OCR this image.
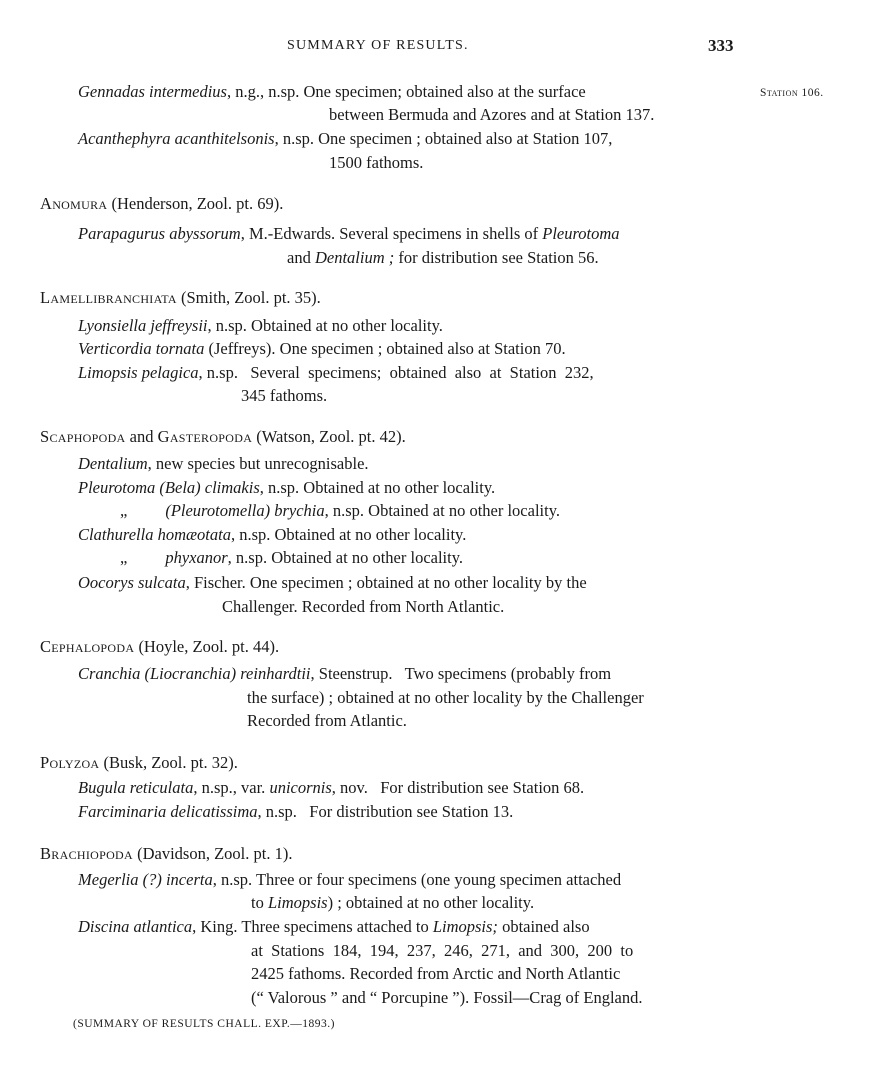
SUMMARY OF RESULTS.	333
Station 106.
Gennadas intermedius, n.g., n.sp. One specimen; obtained also at the surface
between Bermuda and Azores and at Station 137.
Acanthephyra acanthitelsonis, n.sp. One specimen ; obtained also at Station 107,
1500 fathoms.
Anomura (Henderson, Zool. pt. 69).
Parapagurus abyssorum, M.-Edwards. Several specimens in shells of Pleurotoma
and Dentalium ; for distribution see Station 56.
Lamellibranchiata (Smith, Zool. pt. 35).
Lyonsiella jeffreysii, n.sp. Obtained at no other locality.
Verticordia tornata (Jeffreys). One specimen ; obtained also at Station 70.
Limopsis pelagica, n.sp.   Several  specimens;  obtained  also  at  Station  232,
345 fathoms.
Scaphopoda and Gasteropoda (Watson, Zool. pt. 42).
Dentalium, new species but unrecognisable.
Pleurotoma (Bela) climakis, n.sp. Obtained at no other locality.
„ (Pleurotomella) brychia, n.sp. Obtained at no other locality.
Clathurella homæotata, n.sp. Obtained at no other locality.
„ phyxanor, n.sp. Obtained at no other locality.
Oocorys sulcata, Fischer. One specimen ; obtained at no other locality by the
Challenger. Recorded from North Atlantic.
Cephalopoda (Hoyle, Zool. pt. 44).
Cranchia (Liocranchia) reinhardtii, Steenstrup.   Two specimens (probably from
the surface) ; obtained at no other locality by the Challenger
Recorded from Atlantic.
Polyzoa (Busk, Zool. pt. 32).
Bugula reticulata, n.sp., var. unicornis, nov.   For distribution see Station 68.
Farciminaria delicatissima, n.sp.   For distribution see Station 13.
Brachiopoda (Davidson, Zool. pt. 1).
Megerlia (?) incerta, n.sp. Three or four specimens (one young specimen attached
to Limopsis) ; obtained at no other locality.
Discina atlantica, King. Three specimens attached to Limopsis; obtained also
at  Stations  184,  194,  237,  246,  271,  and  300,  200  to
2425 fathoms. Recorded from Arctic and North Atlantic
(“ Valorous ” and “ Porcupine ”). Fossil—Crag of England.
(SUMMARY OF RESULTS CHALL. EXP.—1893.)
